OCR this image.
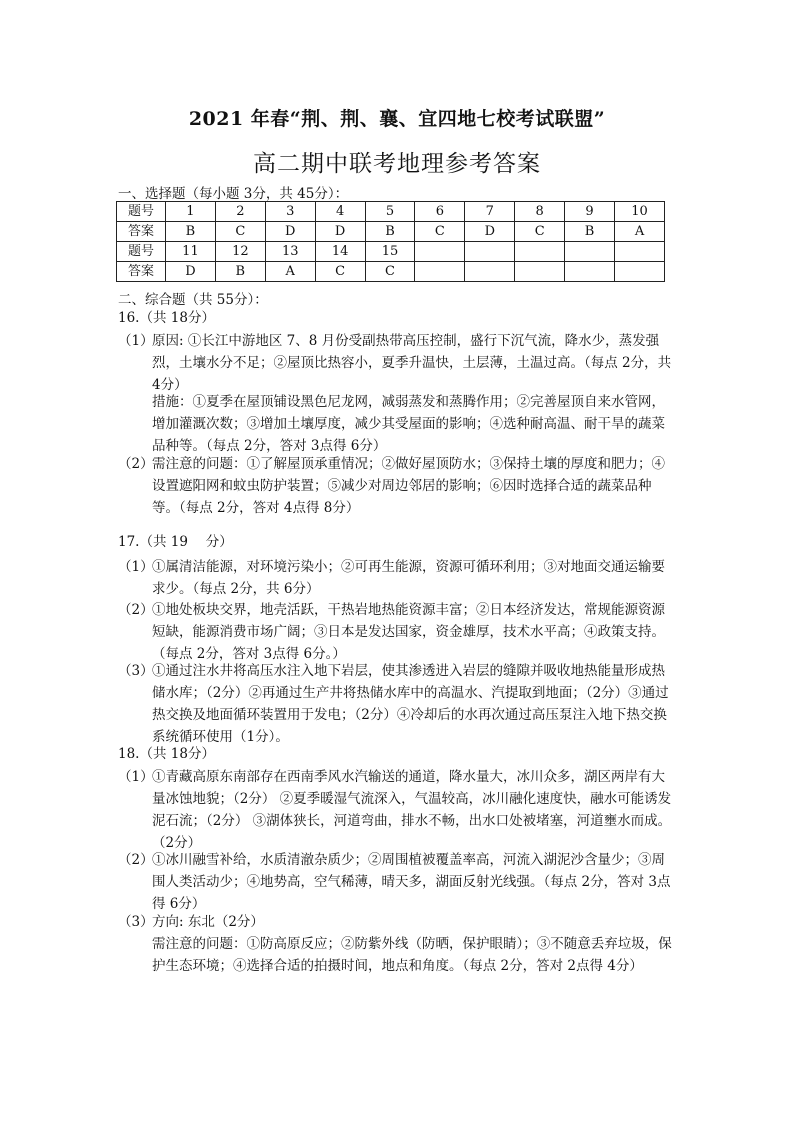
2021 年春“荆、荆、襄、宜四地七校考试联盟”
高二期中联考地理参考答案
一、选择题（每小题 3分，共 45分）：
题号	1	2	3	4	5	6	7	8	9	10
答案	B	C	D	D	B	C	D	C	B	A
题号	11	12	13	14	15					
答案	D	B	A	C	C					
二、综合题（共 55分）：
16.（共 18分）
（1）
原因: ①长江中游地区 7、8 月份受副热带高压控制，盛行下沉气流，降水少，蒸发强烈，土壤水分不足；②屋顶比热容小，夏季升温快，土层薄，土温过高。（每点 2分，共 4分）
措施：①夏季在屋顶铺设黑色尼龙网，减弱蒸发和蒸腾作用；②完善屋顶自来水管网，增加灌溉次数；③增加土壤厚度，减少其受屋面的影响；④选种耐高温、耐干旱的蔬菜品种等。（每点 2分，答对 3点得 6分）
（2）
需注意的问题：①了解屋顶承重情况；②做好屋顶防水；③保持土壤的厚度和肥力；④设置遮阳网和蚊虫防护装置；⑤减少对周边邻居的影响；⑥因时选择合适的蔬菜品种等。（每点 2分，答对 4点得 8分）
17.（共 19　 分）
（1）
①属清洁能源，对环境污染小；②可再生能源，资源可循环利用；③对地面交通运输要求少。（每点 2分，共 6分）
（2）
①地处板块交界，地壳活跃，干热岩地热能资源丰富；②日本经济发达，常规能源资源短缺，能源消费市场广阔；③日本是发达国家，资金雄厚，技术水平高；④政策支持。（每点 2分，答对 3点得 6分。）
（3）
①通过注水井将高压水注入地下岩层，使其渗透进入岩层的缝隙并吸收地热能量形成热储水库；（2分）②再通过生产井将热储水库中的高温水、汽提取到地面；（2分）③通过热交换及地面循环装置用于发电；（2分）④冷却后的水再次通过高压泵注入地下热交换系统循环使用（1分）。
18.（共 18分）
（1）
①青藏高原东南部存在西南季风水汽输送的通道，降水量大，冰川众多，湖区两岸有大量冰蚀地貌；（2分） ②夏季暖湿气流深入，气温较高，冰川融化速度快，融水可能诱发泥石流；（2分） ③湖体狭长，河道弯曲，排水不畅，出水口处被堵塞，河道壅水而成。（2分）
（2）
①冰川融雪补给，水质清澈杂质少；②周围植被覆盖率高，河流入湖泥沙含量少；③周围人类活动少；④地势高，空气稀薄，晴天多，湖面反射光线强。（每点 2分，答对 3点得 6分）
（3）
方向: 东北（2分）
需注意的问题：①防高原反应；②防紫外线（防晒，保护眼睛）；③不随意丢弃垃圾，保护生态环境；④选择合适的拍摄时间，地点和角度。（每点 2分，答对 2点得 4分）
